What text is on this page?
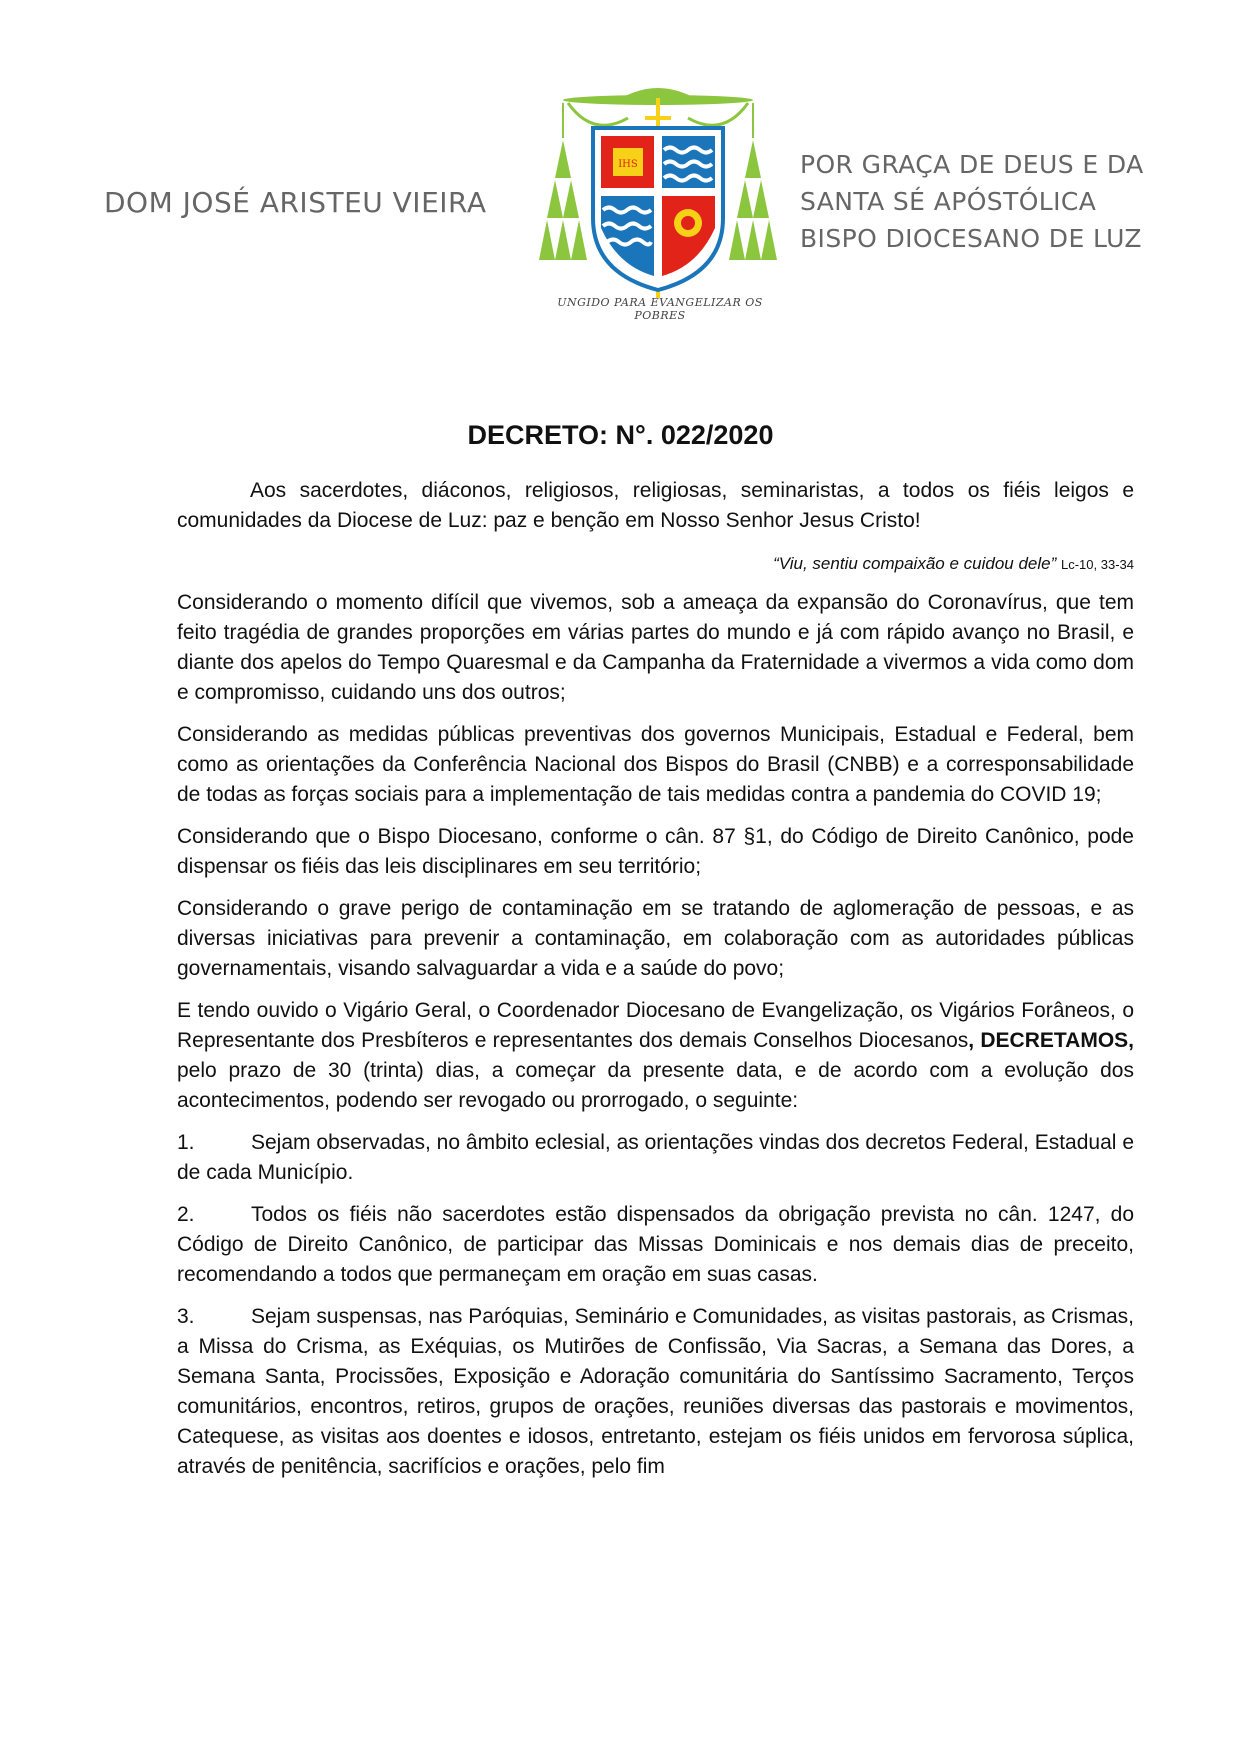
DOM JOSÉ ARISTEU VIEIRA
IHS
UNGIDO PARA EVANGELIZAR OS POBRES
POR GRAÇA DE DEUS E DA
SANTA SÉ APÓSTÓLICA
BISPO DIOCESANO DE LUZ
DECRETO: N°. 022/2020

Aos sacerdotes, diáconos, religiosos, religiosas, seminaristas, a todos os fiéis leigos e comunidades da Diocese de Luz: paz e benção em Nosso Senhor Jesus Cristo!

“Viu, sentiu compaixão e cuidou dele” Lc-10, 33-34

Considerando o momento difícil que vivemos, sob a ameaça da expansão do Coronavírus, que tem feito tragédia de grandes proporções em várias partes do mundo e já com rápido avanço no Brasil, e diante dos apelos do Tempo Quaresmal e da Campanha da Fraternidade a vivermos a vida como dom e compromisso, cuidando uns dos outros;

Considerando as medidas públicas preventivas dos governos Municipais, Estadual e Federal, bem como as orientações da Conferência Nacional dos Bispos do Brasil (CNBB) e a corresponsabilidade de todas as forças sociais para a implementação de tais medidas contra a pandemia do COVID 19;

Considerando que o Bispo Diocesano, conforme o cân. 87 §1, do Código de Direito Canônico, pode dispensar os fiéis das leis disciplinares em seu território;

Considerando o grave perigo de contaminação em se tratando de aglomeração de pessoas, e as diversas iniciativas para prevenir a contaminação, em colaboração com as autoridades públicas governamentais, visando salvaguardar a vida e a saúde do povo;

E tendo ouvido o Vigário Geral, o Coordenador Diocesano de Evangelização, os Vigários Forâneos, o Representante dos Presbíteros e representantes dos demais Conselhos Diocesanos, DECRETAMOS, pelo prazo de 30 (trinta) dias, a começar da presente data, e de acordo com a evolução dos acontecimentos, podendo ser revogado ou prorrogado, o seguinte:

1.	Sejam observadas, no âmbito eclesial, as orientações vindas dos decretos Federal, Estadual e de cada Município.

2.	Todos os fiéis não sacerdotes estão dispensados da obrigação prevista no cân. 1247, do Código de Direito Canônico, de participar das Missas Dominicais e nos demais dias de preceito, recomendando a todos que permaneçam em oração em suas casas.

3.	Sejam suspensas, nas Paróquias, Seminário e Comunidades, as visitas pastorais, as Crismas, a Missa do Crisma, as Exéquias, os Mutirões de Confissão, Via Sacras, a Semana das Dores, a Semana Santa, Procissões, Exposição e Adoração comunitária do Santíssimo Sacramento, Terços comunitários, encontros, retiros, grupos de orações, reuniões diversas das pastorais e movimentos, Catequese, as visitas aos doentes e idosos, entretanto, estejam os fiéis unidos em fervorosa súplica, através de penitência, sacrifícios e orações, pelo fim
